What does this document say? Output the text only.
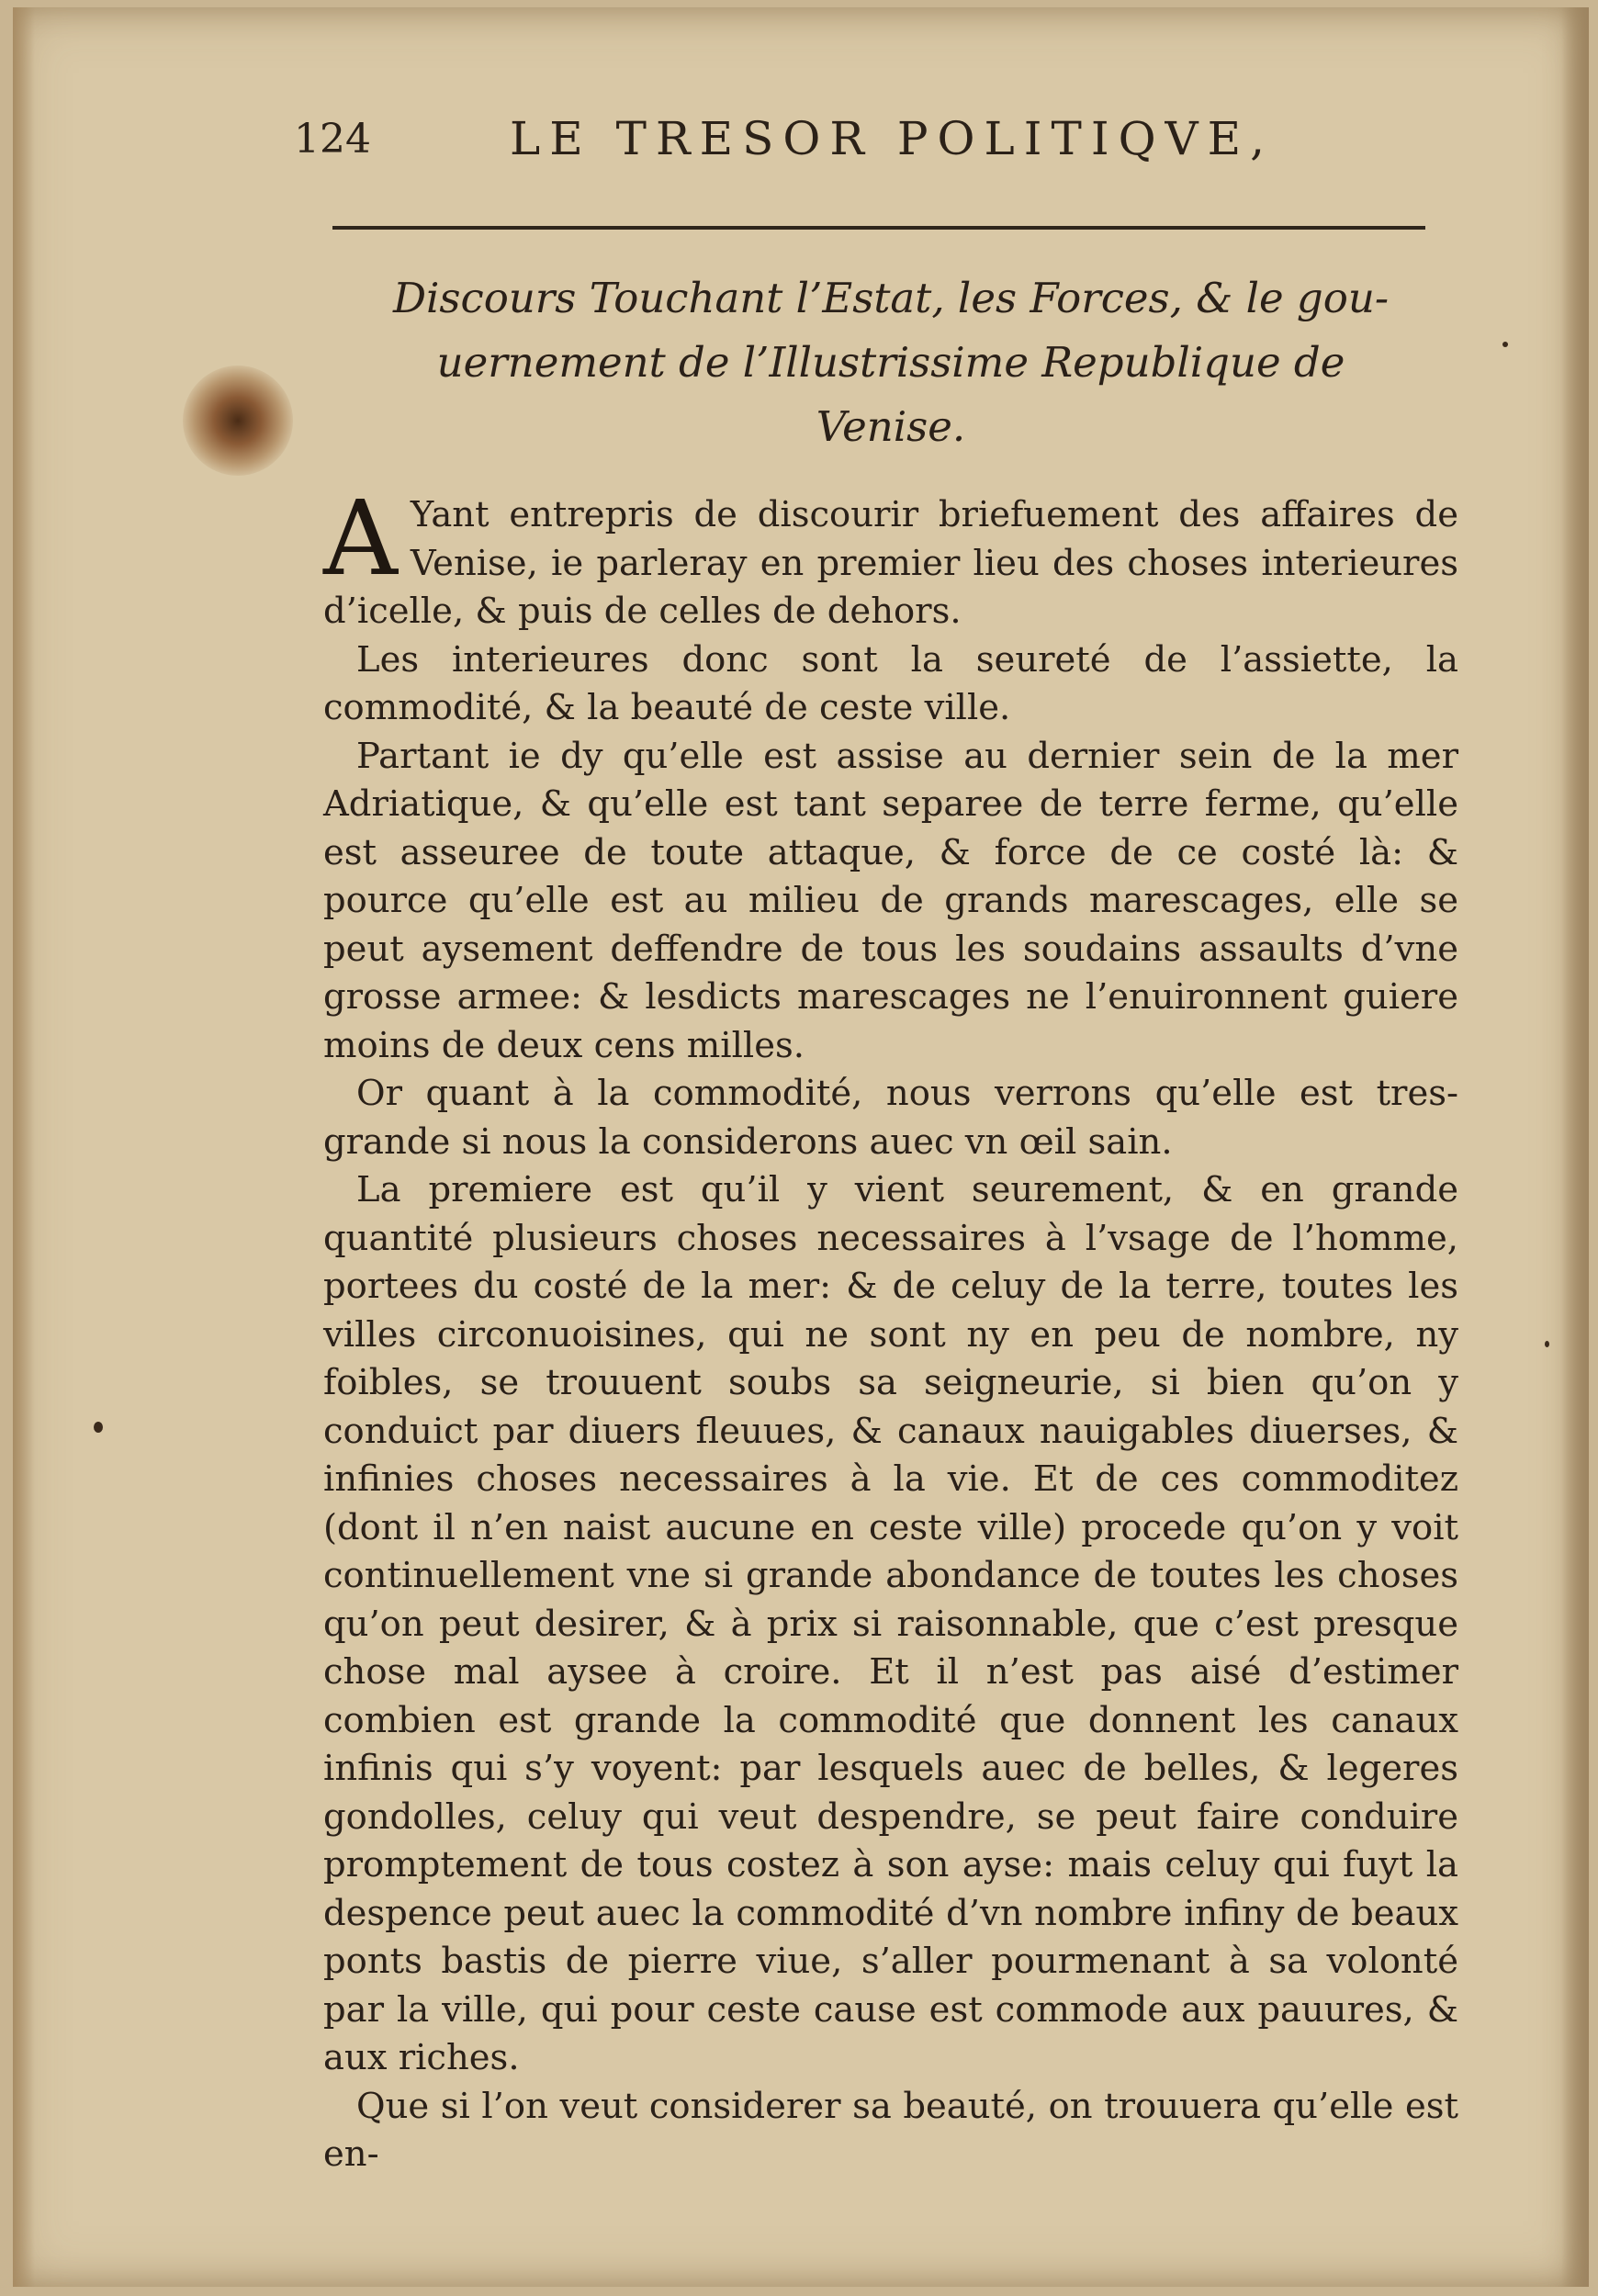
124	LE TRESOR POLITIQVE,
Discours Touchant l’Estat, les Forces, & le gou-
uernement de l’Illustrissime Republique de
Venise.

A Yant entrepris de discourir briefuement des affaires de Venise, ie parleray en premier lieu des choses interieures d’icelle, & puis de celles de dehors.

Les interieures donc sont la seureté de l’assiette, la commodité, & la beauté de ceste ville.

Partant ie dy qu’elle est assise au dernier sein de la mer Adriatique, & qu’elle est tant separee de terre ferme, qu’elle est asseuree de toute attaque, & force de ce costé là: & pource qu’elle est au milieu de grands marescages, elle se peut aysement deffendre de tous les soudains assaults d’vne grosse armee: & lesdicts marescages ne l’enuironnent guiere moins de deux cens milles.

Or quant à la commodité, nous verrons qu’elle est tres-grande si nous la considerons auec vn œil sain.

La premiere est qu’il y vient seurement, & en grande quantité plusieurs choses necessaires à l’vsage de l’homme, portees du costé de la mer: & de celuy de la terre, toutes les villes circonuoisines, qui ne sont ny en peu de nombre, ny foibles, se trouuent soubs sa seigneurie, si bien qu’on y conduict par diuers fleuues, & canaux nauigables diuerses, & infinies choses necessaires à la vie. Et de ces commoditez (dont il n’en naist aucune en ceste ville) procede qu’on y voit continuellement vne si grande abondance de toutes les choses qu’on peut desirer, & à prix si raisonnable, que c’est presque chose mal aysee à croire. Et il n’est pas aisé d’estimer combien est grande la commodité que donnent les canaux infinis qui s’y voyent: par lesquels auec de belles, & legeres gondolles, celuy qui veut despendre, se peut faire conduire promptement de tous costez à son ayse: mais celuy qui fuyt la despence peut auec la commodité d’vn nombre infiny de beaux ponts bastis de pierre viue, s’aller pourmenant à sa volonté par la ville, qui pour ceste cause est commode aux pauures, & aux riches.

Que si l’on veut considerer sa beauté, on trouuera qu’elle est en-
